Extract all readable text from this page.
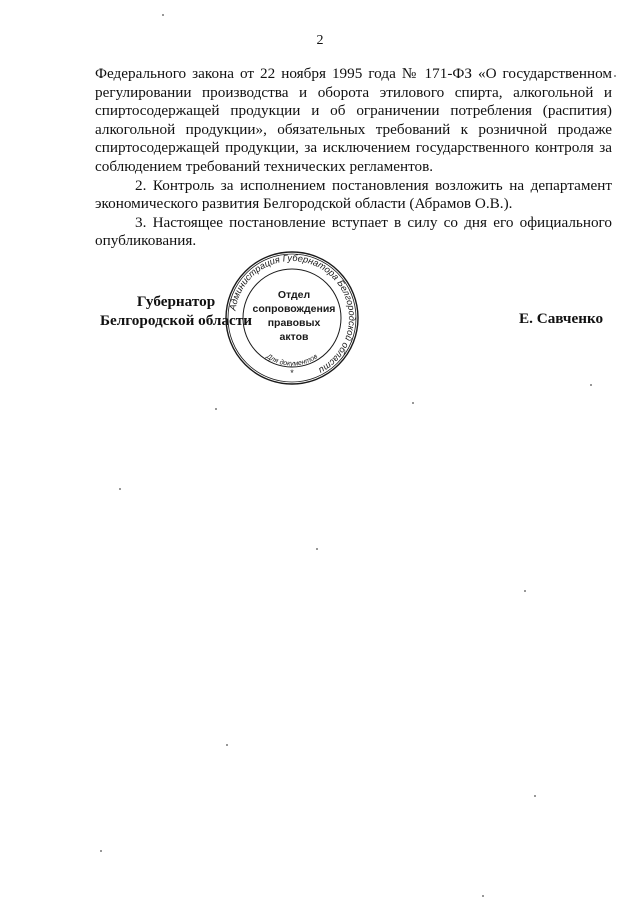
2

Федерального закона от 22 ноября 1995 года № 171-ФЗ «О государственном регулировании производства и оборота этилового спирта, алкогольной и спиртосодержащей продукции и об ограничении потребления (распития) алкогольной продукции», обязательных требований к розничной продаже спиртосодержащей продукции, за исключением государственного контроля за соблюдением требований технических регламентов.

2. Контроль за исполнением постановления возложить на департамент экономического развития Белгородской области (Абрамов О.В.).

3. Настоящее постановление вступает в силу со дня его официального опубликования.

Губернатор
Белгородской области	Е. Савченко
Администрация Губернатора Белгородской области
Для документов
Отдел
сопровождения
правовых
актов
*
